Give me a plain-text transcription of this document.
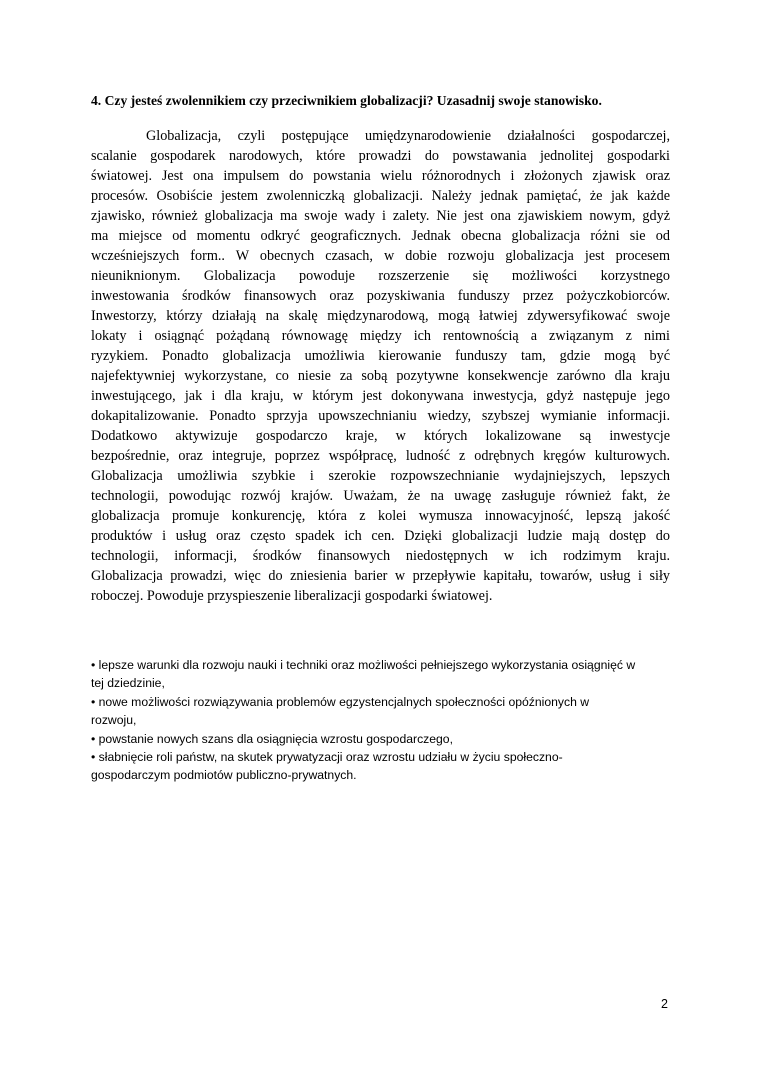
4. Czy jesteś zwolennikiem czy przeciwnikiem globalizacji? Uzasadnij swoje stanowisko.
Globalizacja, czyli postępujące umiędzynarodowienie działalności gospodarczej,
scalanie gospodarek narodowych, które prowadzi do powstawania jednolitej gospodarki
światowej. Jest ona impulsem do powstania wielu różnorodnych i złożonych zjawisk oraz
procesów. Osobiście jestem zwolenniczką globalizacji. Należy jednak pamiętać, że jak każde
zjawisko, również globalizacja ma swoje wady i zalety. Nie jest ona zjawiskiem nowym, gdyż
ma miejsce od momentu odkryć geograficznych. Jednak obecna globalizacja różni sie od
wcześniejszych form.. W obecnych czasach, w dobie rozwoju globalizacja jest procesem
nieuniknionym. Globalizacja powoduje rozszerzenie się możliwości korzystnego
inwestowania środków finansowych oraz pozyskiwania funduszy przez pożyczkobiorców.
Inwestorzy, którzy działają na skalę międzynarodową, mogą łatwiej zdywersyfikować swoje
lokaty i osiągnąć pożądaną równowagę między ich rentownością a związanym z nimi
ryzykiem. Ponadto globalizacja umożliwia kierowanie funduszy tam, gdzie mogą być
najefektywniej wykorzystane, co niesie za sobą pozytywne konsekwencje zarówno dla kraju
inwestującego, jak i dla kraju, w którym jest dokonywana inwestycja, gdyż następuje jego
dokapitalizowanie. Ponadto sprzyja upowszechnianiu wiedzy, szybszej wymianie informacji.
Dodatkowo aktywizuje gospodarczo kraje, w których lokalizowane są inwestycje
bezpośrednie, oraz integruje, poprzez współpracę, ludność z odrębnych kręgów kulturowych.
Globalizacja umożliwia szybkie i szerokie rozpowszechnianie wydajniejszych, lepszych
technologii, powodując rozwój krajów. Uważam, że na uwagę zasługuje również fakt, że
globalizacja promuje konkurencję, która z kolei wymusza innowacyjność, lepszą jakość
produktów i usług oraz często spadek ich cen. Dzięki globalizacji ludzie mają dostęp do
technologii, informacji, środków finansowych niedostępnych w ich rodzimym kraju.
Globalizacja prowadzi, więc do zniesienia barier w przepływie kapitału, towarów, usług i siły
roboczej. Powoduje przyspieszenie liberalizacji gospodarki światowej.
• lepsze warunki dla rozwoju nauki i techniki oraz możliwości pełniejszego wykorzystania osiągnięć w
tej dziedzinie,
• nowe możliwości rozwiązywania problemów egzystencjalnych społeczności opóźnionych w
rozwoju,
• powstanie nowych szans dla osiągnięcia wzrostu gospodarczego,
• słabnięcie roli państw, na skutek prywatyzacji oraz wzrostu udziału w życiu społeczno-
gospodarczym podmiotów publiczno-prywatnych.
2
